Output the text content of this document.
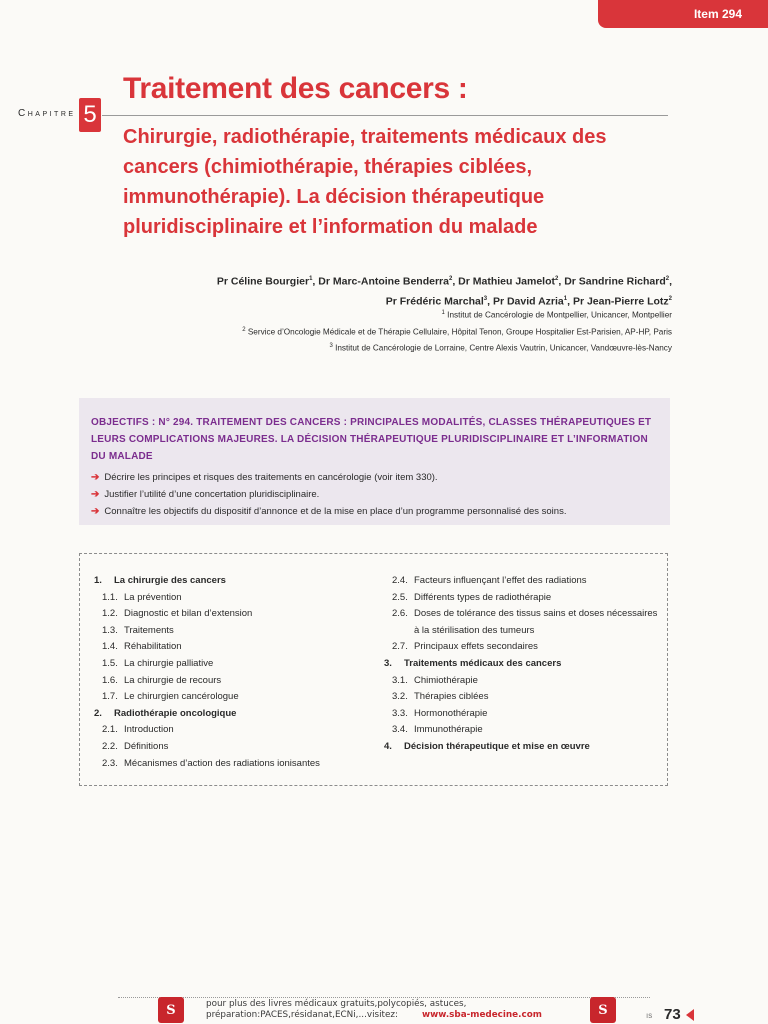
Item 294
Chapitre 5
Traitement des cancers :
Chirurgie, radiothérapie, traitements médicaux des cancers (chimiothérapie, thérapies ciblées, immunothérapie). La décision thérapeutique pluridisciplinaire et l’information du malade
Pr Céline Bourgier$^1$, Dr Marc-Antoine Benderra$^2$, Dr Mathieu Jamelot$^2$, Dr Sandrine Richard$^2$,
Pr Frédéric Marchal$^3$, Pr David Azria$^1$, Pr Jean-Pierre Lotz$^2$
$^1$ Institut de Cancérologie de Montpellier, Unicancer, Montpellier
$^2$ Service d’Oncologie Médicale et de Thérapie Cellulaire, Hôpital Tenon, Groupe Hospitalier Est-Parisien, AP-HP, Paris
$^3$ Institut de Cancérologie de Lorraine, Centre Alexis Vautrin, Unicancer, Vandœuvre-lès-Nancy
OBJECTIFS : N° 294. TRAITEMENT DES CANCERS : PRINCIPALES MODALITÉS, CLASSES THÉRAPEUTIQUES ET LEURS COMPLICATIONS MAJEURES. LA DÉCISION THÉRAPEUTIQUE PLURIDISCIPLINAIRE ET L’INFORMATION DU MALADE
➔ Décrire les principes et risques des traitements en cancérologie (voir item 330).
➔ Justifier l’utilité d’une concertation pluridisciplinaire.
➔ Connaître les objectifs du dispositif d’annonce et de la mise en place d’un programme personnalisé des soins.
1.	La chirurgie des cancers
1.1. La prévention
1.2. Diagnostic et bilan d’extension
1.3. Traitements
1.4. Réhabilitation
1.5. La chirurgie palliative
1.6. La chirurgie de recours
1.7. Le chirurgien cancérologue
2.	Radiothérapie oncologique
2.1. Introduction
2.2. Définitions
2.3. Mécanismes d’action des radiations ionisantes
2.4. Facteurs influençant l’effet des radiations
2.5. Différents types de radiothérapie
2.6. Doses de tolérance des tissus sains et doses nécessaires à la stérilisation des tumeurs
2.7. Principaux effets secondaires
3.	Traitements médicaux des cancers
3.1. Chimiothérapie
3.2. Thérapies ciblées
3.3. Hormonothérapie
3.4. Immunothérapie
4.	Décision thérapeutique et mise en œuvre
S	pour plus des livres médicaux gratuits,polycopiés, astuces,
préparation:PACES,résidanat,ECNi,...visitez:	www.sba-medecine.com	S	ıs 73
